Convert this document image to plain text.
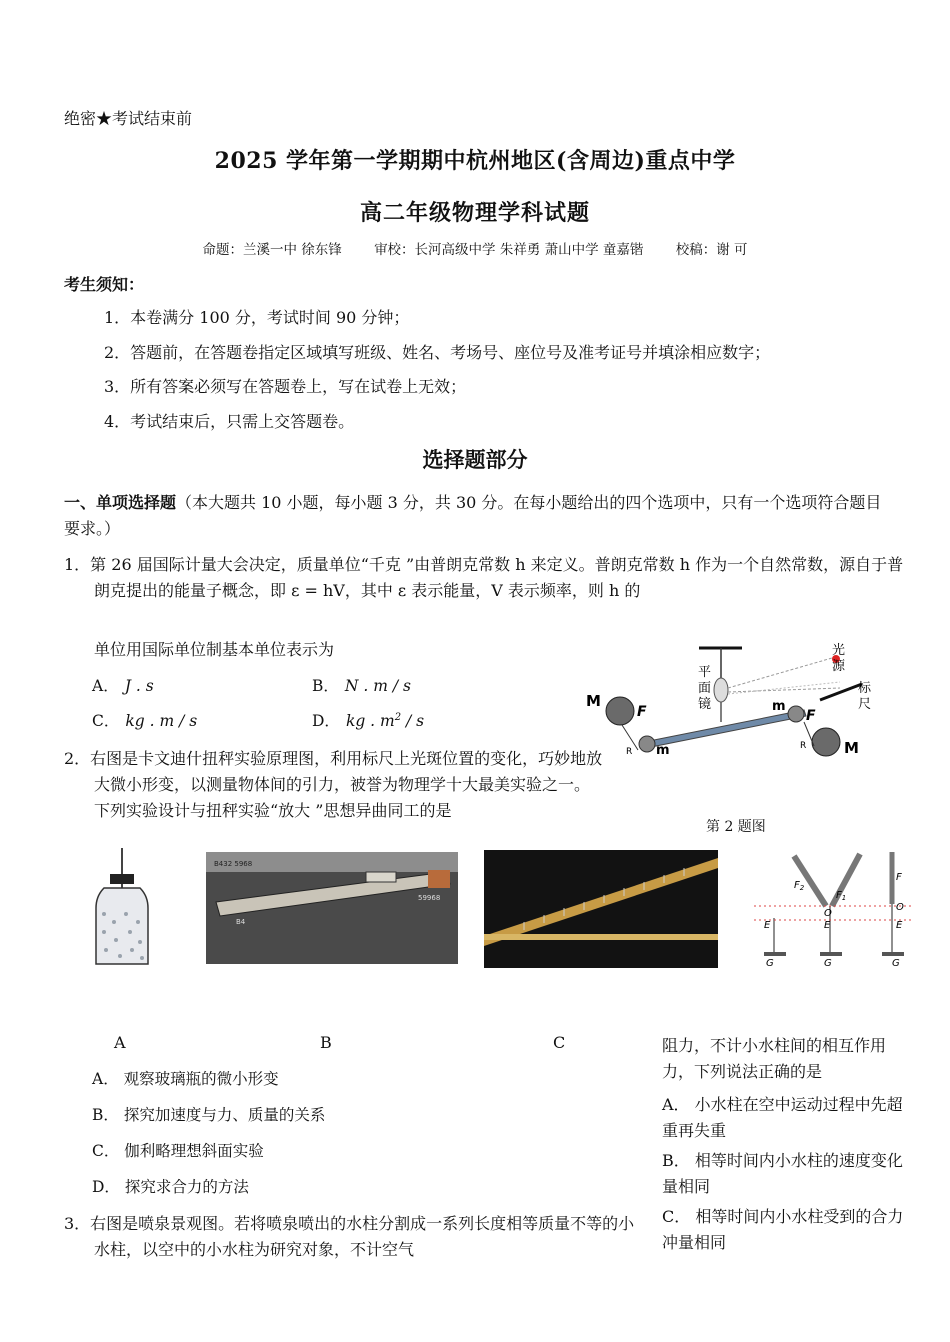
绝密★考试结束前
2025 学年第一学期期中杭州地区(含周边)重点中学
高二年级物理学科试题
命题：兰溪一中 徐东锋 审校：长河高级中学 朱祥勇 萧山中学 童嘉锴 校稿：谢 可
考生须知：
1．本卷满分 100 分，考试时间 90 分钟；
2．答题前，在答题卷指定区域填写班级、姓名、考场号、座位号及准考证号并填涂相应数字；
3．所有答案必须写在答题卷上，写在试卷上无效；
4．考试结束后，只需上交答题卷。
选择题部分
一、单项选择题（本大题共 10 小题，每小题 3 分，共 30 分。在每小题给出的四个选项中，只有一个选项符合题目要求。）
1．第 26 届国际计量大会决定，质量单位“千克 ”由普朗克常数 h 来定义。普朗克常数 h 作为一个自然常数，源自于普朗克提出的能量子概念，即 ε = hV，其中 ε 表示能量，V 表示频率，则 h 的
单位用国际单位制基本单位表示为
A． J . s	B． N . m / s
C． kg . m / s	D． kg . $m^2$ / s
2．右图是卡文迪什扭秤实验原理图，利用标尺上光斑位置的变化，巧妙地放大微小形变，以测量物体间的引力，被誉为物理学十大最美实验之一。下列实验设计与扭秤实验“放大 ”思想异曲同工的是
光
源
平
面
镜
标
尺
M
M
m
m
F	F
R
R
第 2 题图
B432 5968
B4
59968
$F_2$
$F_1$
F
O
O
E	E	E
G	G	G
A	B	C
A． 观察玻璃瓶的微小形变
B． 探究加速度与力、质量的关系
C． 伽利略理想斜面实验
D． 探究求合力的方法
3．右图是喷泉景观图。若将喷泉喷出的水柱分割成一系列长度相等质量不等的小水柱，以空中的小水柱为研究对象，不计空气
阻力，不计小水柱间的相互作用力，下列说法正确的是
A． 小水柱在空中运动过程中先超重再失重
B． 相等时间内小水柱的速度变化量相同
C． 相等时间内小水柱受到的合力冲量相同
